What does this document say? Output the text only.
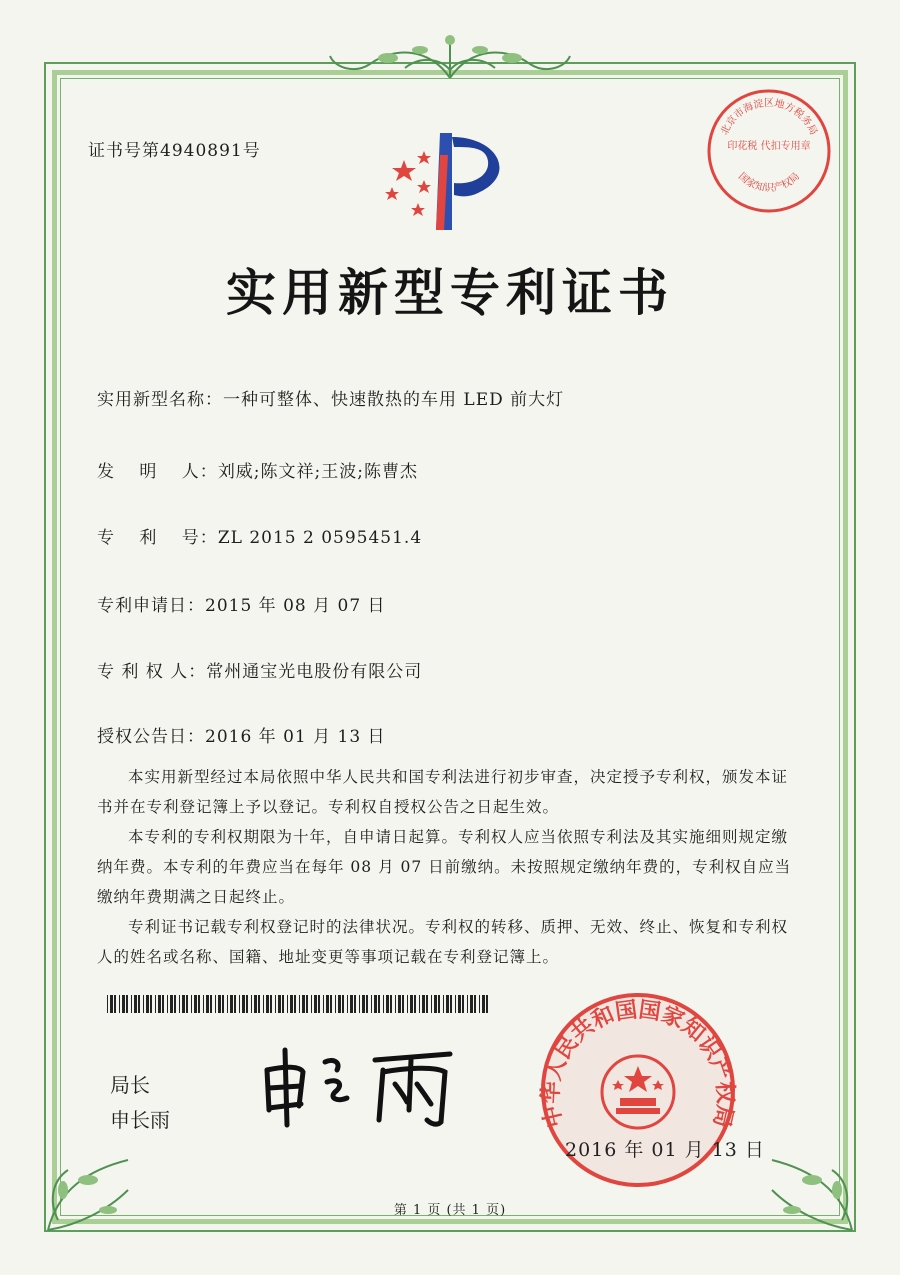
证书号第4940891号
实用新型专利证书
实用新型名称：一种可整体、快速散热的车用 LED 前大灯
发　 明　 人：刘威;陈文祥;王波;陈曹杰
专　 利　 号：ZL 2015 2 0595451.4
专利申请日：2015 年 08 月 07 日
专 利 权 人：常州通宝光电股份有限公司
授权公告日：2016 年 01 月 13 日

本实用新型经过本局依照中华人民共和国专利法进行初步审查，决定授予专利权，颁发本证书并在专利登记簿上予以登记。专利权自授权公告之日起生效。

本专利的专利权期限为十年，自申请日起算。专利权人应当依照专利法及其实施细则规定缴纳年费。本专利的年费应当在每年 08 月 07 日前缴纳。未按照规定缴纳年费的，专利权自应当缴纳年费期满之日起终止。

专利证书记载专利权登记时的法律状况。专利权的转移、质押、无效、终止、恢复和专利权人的姓名或名称、国籍、地址变更等事项记载在专利登记簿上。

局长
申长雨
北京市海淀区地方税务局
印花税 代扣专用章
国家知识产权局
中华人民共和国国家知识产权局
2016 年 01 月 13 日
第 1 页 (共 1 页)
